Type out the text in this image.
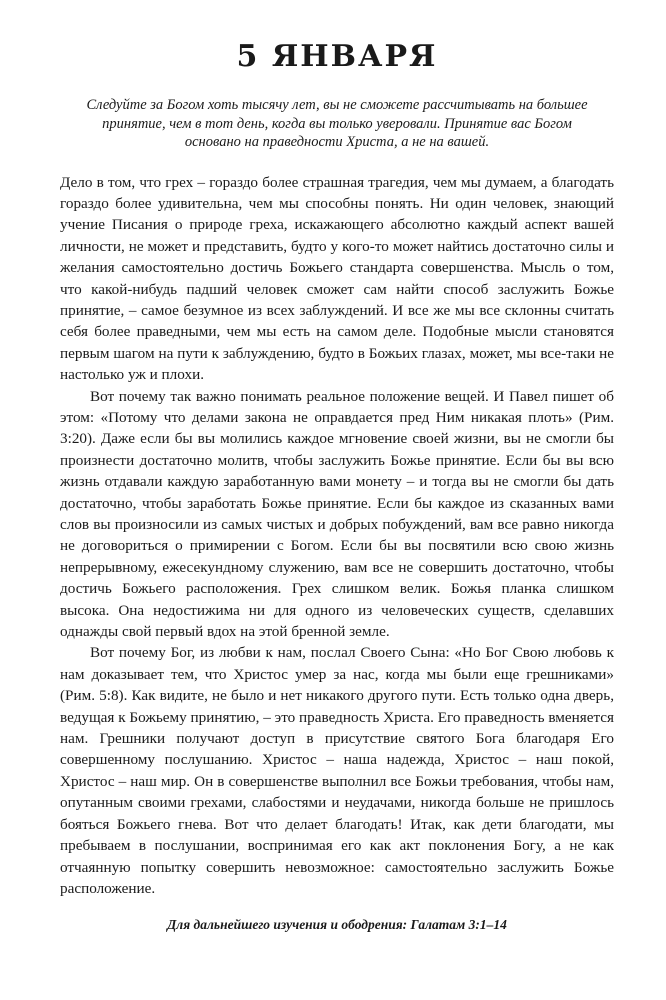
5 ЯНВАРЯ
Следуйте за Богом хоть тысячу лет, вы не сможете рассчитывать на большее принятие, чем в тот день, когда вы только уверовали. Принятие вас Богом основано на праведности Христа, а не на вашей.

Дело в том, что грех – гораздо более страшная трагедия, чем мы думаем, а благодать гораздо более удивительна, чем мы способны понять. Ни один человек, знающий учение Писания о природе греха, искажающего абсолютно каждый аспект вашей личности, не может и представить, будто у кого-то может найтись достаточно силы и желания самостоятельно достичь Божьего стандарта совершенства. Мысль о том, что какой-нибудь падший человек сможет сам найти способ заслужить Божье принятие, – самое безумное из всех заблуждений. И все же мы все склонны считать себя более праведными, чем мы есть на самом деле. Подобные мысли становятся первым шагом на пути к заблуждению, будто в Божьих глазах, может, мы все-таки не настолько уж и плохи.

Вот почему так важно понимать реальное положение вещей. И Павел пишет об этом: «Потому что делами закона не оправдается пред Ним никакая плоть» (Рим. 3:20). Даже если бы вы молились каждое мгновение своей жизни, вы не смогли бы произнести достаточно молитв, чтобы заслужить Божье принятие. Если бы вы всю жизнь отдавали каждую заработанную вами монету – и тогда вы не смогли бы дать достаточно, чтобы заработать Божье принятие. Если бы каждое из сказанных вами слов вы произносили из самых чистых и добрых побуждений, вам все равно никогда не договориться о примирении с Богом. Если бы вы посвятили всю свою жизнь непрерывному, ежесекундному служению, вам все не совершить достаточно, чтобы достичь Божьего расположения. Грех слишком велик. Божья планка слишком высока. Она недостижима ни для одного из человеческих существ, сделавших однажды свой первый вдох на этой бренной земле.

Вот почему Бог, из любви к нам, послал Своего Сына: «Но Бог Свою любовь к нам доказывает тем, что Христос умер за нас, когда мы были еще грешниками» (Рим. 5:8). Как видите, не было и нет никакого другого пути. Есть только одна дверь, ведущая к Божьему принятию, – это праведность Христа. Его праведность вменяется нам. Грешники получают доступ в присутствие святого Бога благодаря Его совершенному послушанию. Христос – наша надежда, Христос – наш покой, Христос – наш мир. Он в совершенстве выполнил все Божьи требования, чтобы нам, опутанным своими грехами, слабостями и неудачами, никогда больше не пришлось бояться Божьего гнева. Вот что делает благодать! Итак, как дети благодати, мы пребываем в послушании, воспринимая его как акт поклонения Богу, а не как отчаянную попытку совершить невозможное: самостоятельно заслужить Божье расположение.

Для дальнейшего изучения и ободрения: Галатам 3:1–14
